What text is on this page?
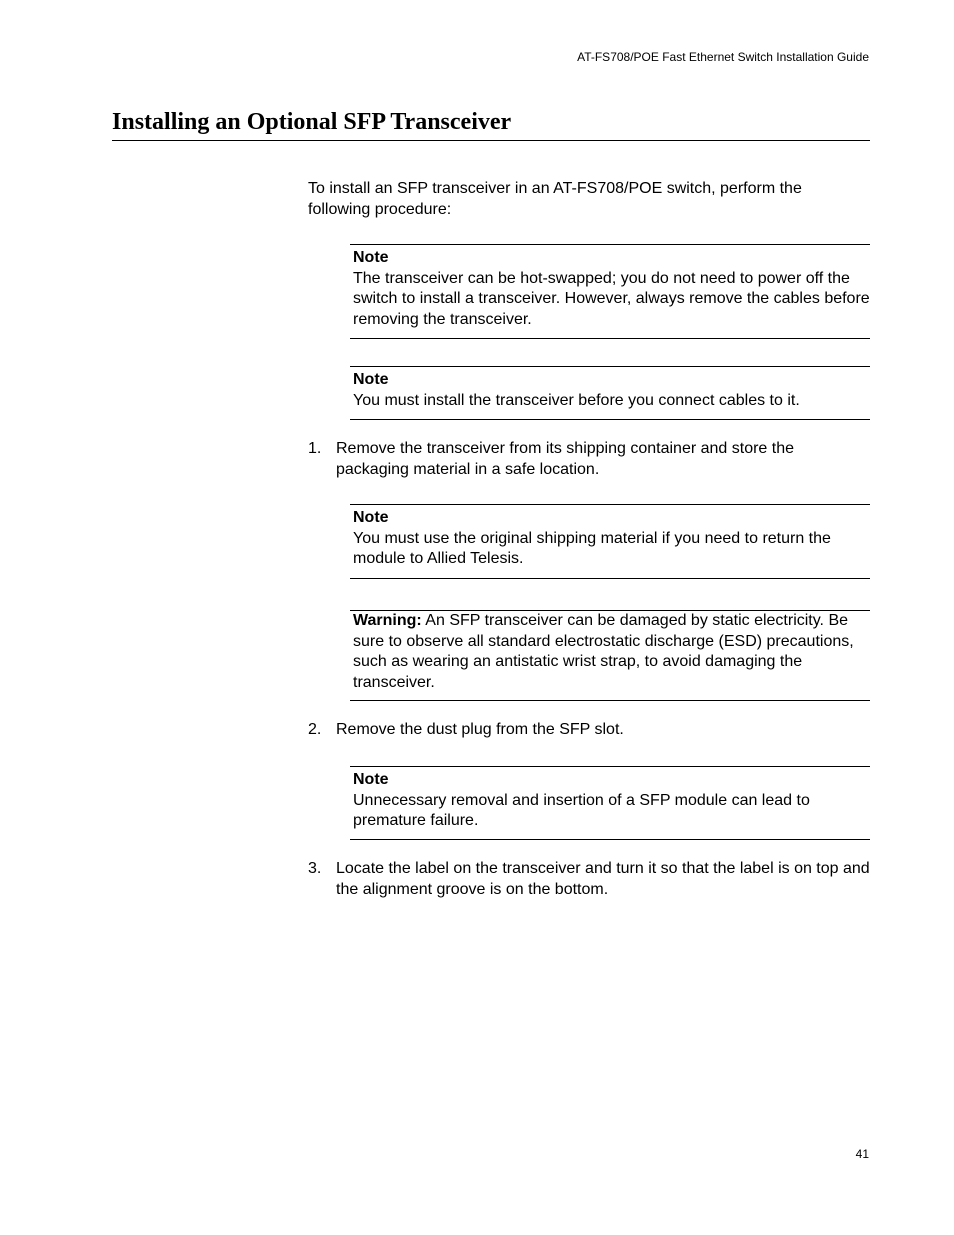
AT-FS708/POE Fast Ethernet Switch Installation Guide
Installing an Optional SFP Transceiver

To install an SFP transceiver in an AT-FS708/POE switch, perform the following procedure:

Note
The transceiver can be hot-swapped; you do not need to power off the switch to install a transceiver. However, always remove the cables before removing the transceiver.
Note
You must install the transceiver before you connect cables to it.
1. Remove the transceiver from its shipping container and store the packaging material in a safe location.
Note
You must use the original shipping material if you need to return the module to Allied Telesis.
Warning: An SFP transceiver can be damaged by static electricity. Be sure to observe all standard electrostatic discharge (ESD) precautions, such as wearing an antistatic wrist strap, to avoid damaging the transceiver.
2. Remove the dust plug from the SFP slot.
Note
Unnecessary removal and insertion of a SFP module can lead to premature failure.
3. Locate the label on the transceiver and turn it so that the label is on top and the alignment groove is on the bottom.
41
